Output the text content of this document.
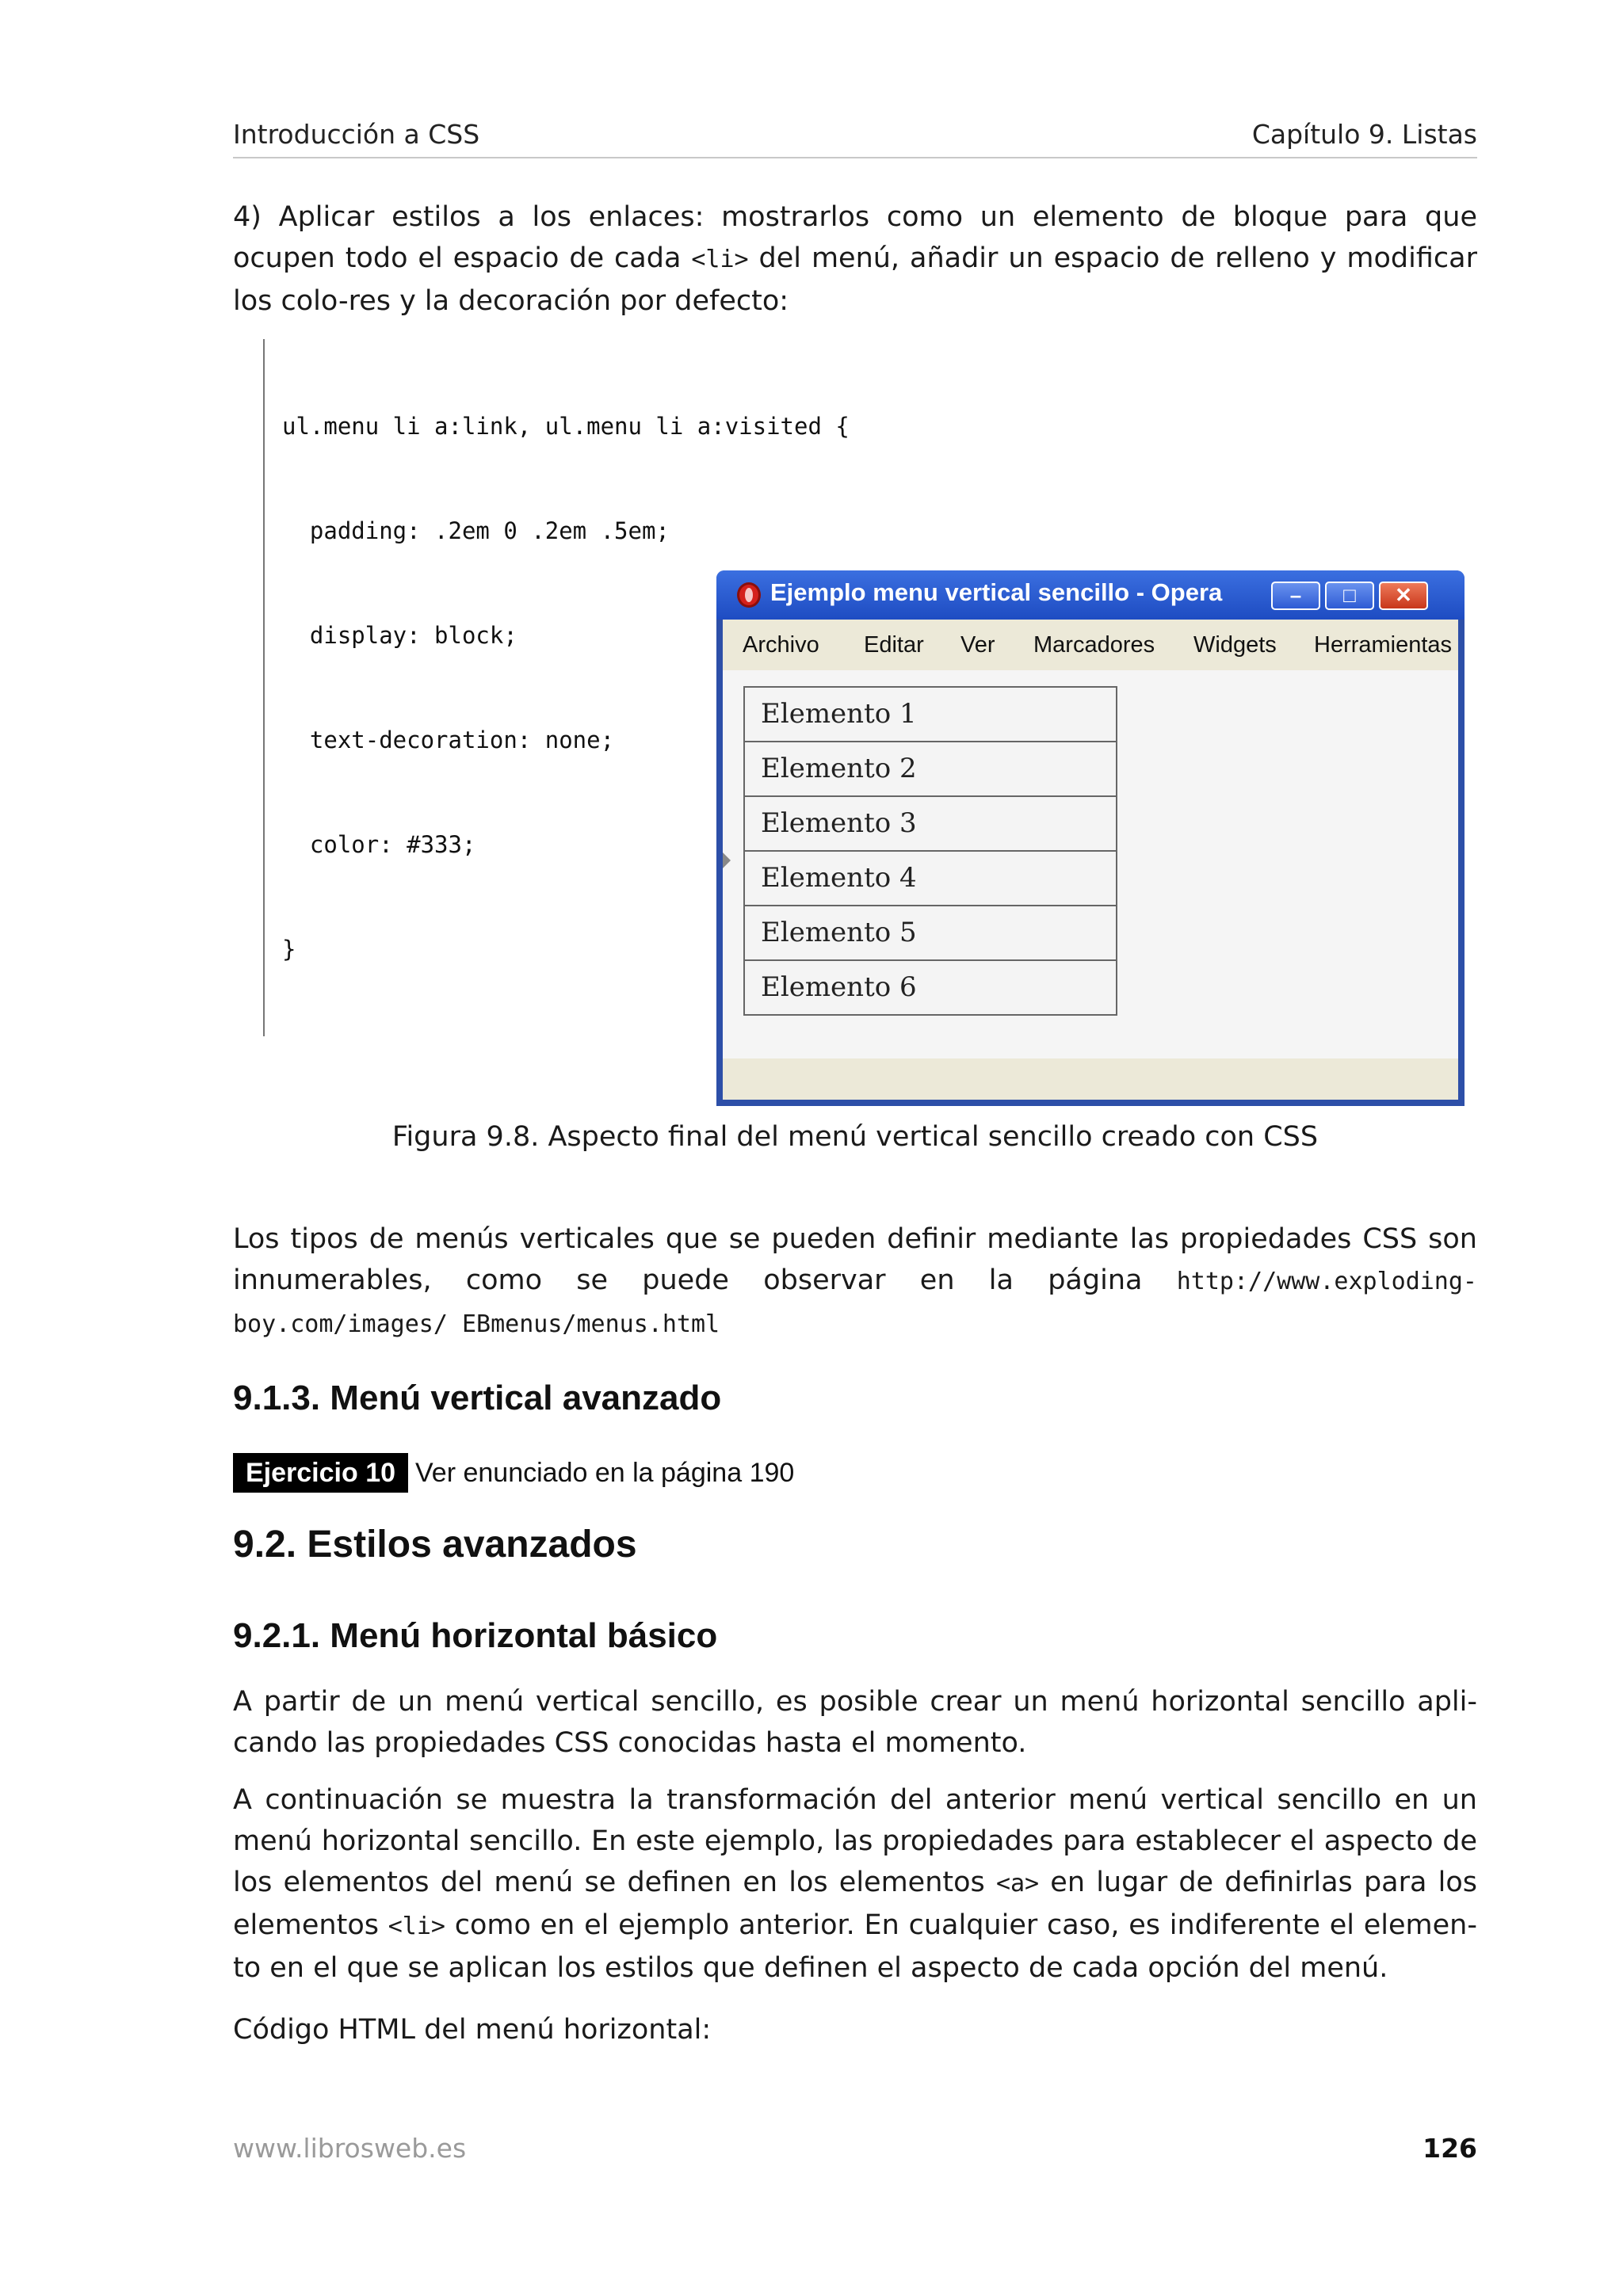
Introducción a CSS	Capítulo 9. Listas
4) Aplicar estilos a los enlaces: mostrarlos como un elemento de bloque para que ocupen todo el espacio de cada <li> del menú, añadir un espacio de relleno y modificar los colo-res y la decoración por defecto:

ul.menu li a:link, ul.menu li a:visited {

padding: .2em 0 .2em .5em;

display: block;

text-decoration: none;

color: #333;

}

Ejemplo menu vertical sencillo - Opera	–	□	✕
Archivo Editar Ver Marcadores Widgets Herramientas
Elemento 1
Elemento 2
Elemento 3
Elemento 4
Elemento 5
Elemento 6
Figura 9.8. Aspecto final del menú vertical sencillo creado con CSS
Los tipos de menús verticales que se pueden definir mediante las propiedades CSS son innumerables, como se puede observar en la página http://www.exploding-boy.com/images/ EBmenus/menus.html
9.1.3. Menú vertical avanzado
Ejercicio 10 Ver enunciado en la página 190
9.2. Estilos avanzados
9.2.1. Menú horizontal básico
A partir de un menú vertical sencillo, es posible crear un menú horizontal sencillo apli-cando las propiedades CSS conocidas hasta el momento.
A continuación se muestra la transformación del anterior menú vertical sencillo en un menú horizontal sencillo. En este ejemplo, las propiedades para establecer el aspecto de los elementos del menú se definen en los elementos <a> en lugar de definirlas para los elementos <li> como en el ejemplo anterior. En cualquier caso, es indiferente el elemen-to en el que se aplican los estilos que definen el aspecto de cada opción del menú.
Código HTML del menú horizontal:
www.librosweb.es	126
